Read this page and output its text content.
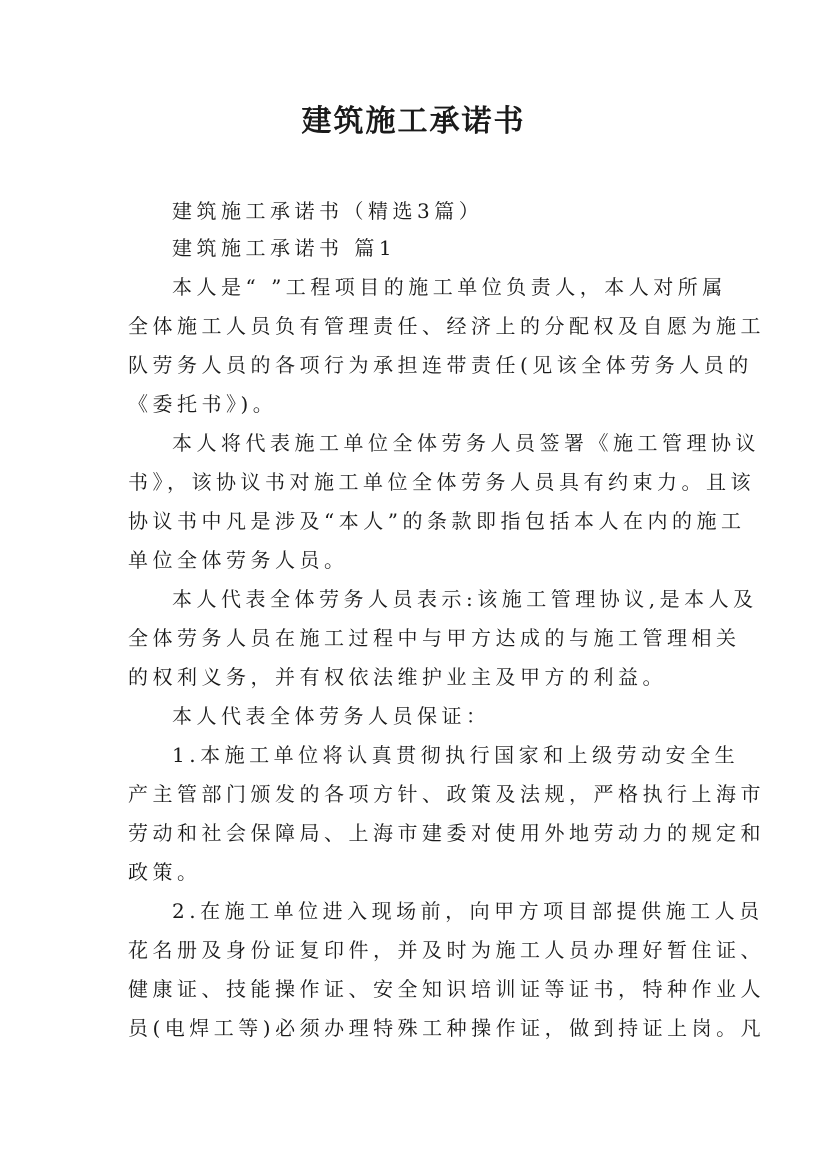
建筑施工承诺书
建筑施工承诺书（精选3篇）
建筑施工承诺书 篇1
本人是“ ”工程项目的施工单位负责人，本人对所属
全体施工人员负有管理责任、经济上的分配权及自愿为施工
队劳务人员的各项行为承担连带责任(见该全体劳务人员的
《委托书》)。
本人将代表施工单位全体劳务人员签署《施工管理协议
书》，该协议书对施工单位全体劳务人员具有约束力。且该
协议书中凡是涉及“本人”的条款即指包括本人在内的施工
单位全体劳务人员。
本人代表全体劳务人员表示:该施工管理协议,是本人及
全体劳务人员在施工过程中与甲方达成的与施工管理相关
的权利义务，并有权依法维护业主及甲方的利益。
本人代表全体劳务人员保证：
1.本施工单位将认真贯彻执行国家和上级劳动安全生
产主管部门颁发的各项方针、政策及法规，严格执行上海市
劳动和社会保障局、上海市建委对使用外地劳动力的规定和
政策。
2.在施工单位进入现场前，向甲方项目部提供施工人员
花名册及身份证复印件，并及时为施工人员办理好暂住证、
健康证、技能操作证、安全知识培训证等证书，特种作业人
员(电焊工等)必须办理特殊工种操作证，做到持证上岗。凡
